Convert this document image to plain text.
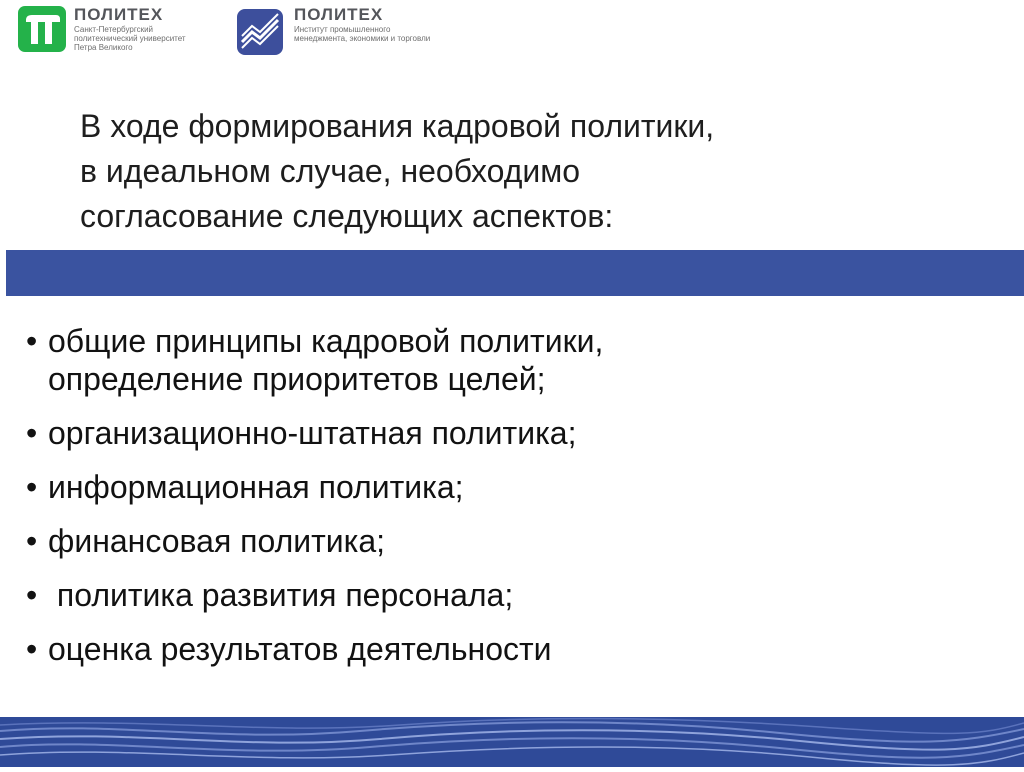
ПОЛИТЕХ
Санкт-Петербургский
политехнический университет
Петра Великого
ПОЛИТЕХ
Институт промышленного
менеджмента, экономики и торговли
В ходе формирования кадровой политики,
в идеальном случае, необходимо
согласование следующих аспектов:
• общие принципы кадровой политики,
определение приоритетов целей;
• организационно-штатная политика;
• информационная политика;
• финансовая политика;
• политика развития персонала;
• оценка результатов деятельности
